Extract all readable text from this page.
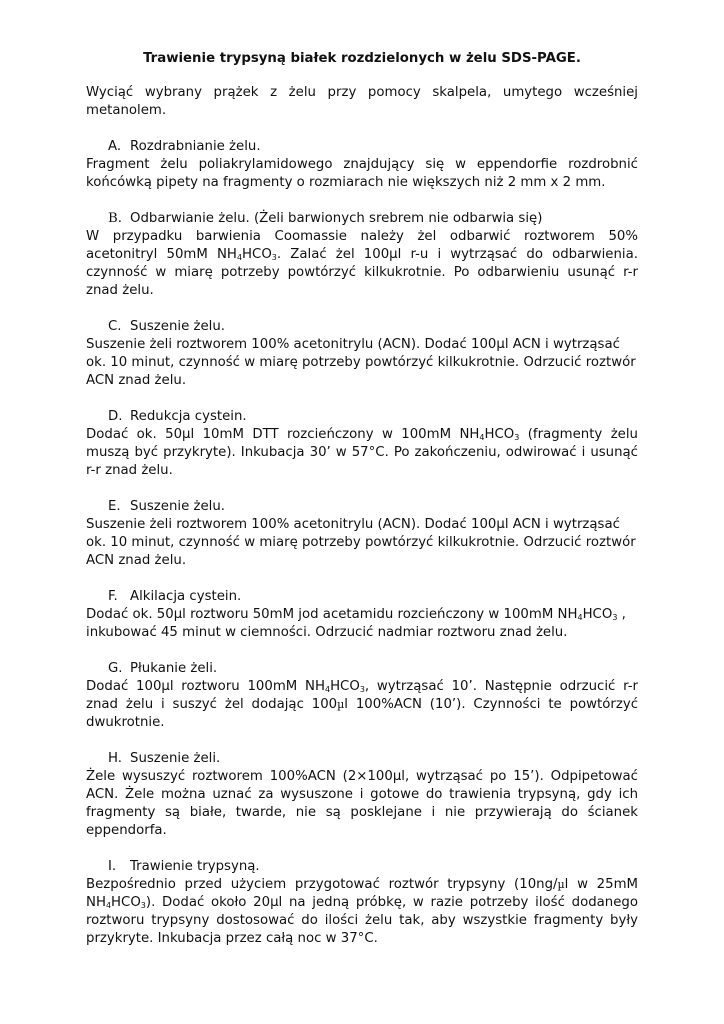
Trawienie trypsyną białek rozdzielonych w żelu SDS-PAGE.
Wyciąć wybrany prążek z żelu przy pomocy skalpela, umytego wcześniej metanolem.
A. Rozdrabnianie żelu.
Fragment żelu poliakrylamidowego znajdujący się w eppendorfie rozdrobnić końcówką pipety na fragmenty o rozmiarach nie większych niż 2 mm x 2 mm.
B. Odbarwianie żelu. (Żeli barwionych srebrem nie odbarwia się)
W przypadku barwienia Coomassie należy żel odbarwić roztworem 50% acetonitryl 50mM $NH_4HCO_3$. Zalać żel 100µl r-u i wytrząsać do odbarwienia. czynność w miarę potrzeby powtórzyć kilkukrotnie. Po odbarwieniu usunąć r-r znad żelu.
C. Suszenie żelu.
Suszenie żeli roztworem 100% acetonitrylu (ACN). Dodać 100µl ACN i wytrząsać ok. 10 minut, czynność w miarę potrzeby powtórzyć kilkukrotnie. Odrzucić roztwór ACN znad żelu.
D. Redukcja cystein.
Dodać ok. 50µl 10mM DTT rozcieńczony w 100mM $NH_4HCO_3$ (fragmenty żelu muszą być przykryte). Inkubacja 30’ w 57°C. Po zakończeniu, odwirować i usunąć r-r znad żelu.
E. Suszenie żelu.
Suszenie żeli roztworem 100% acetonitrylu (ACN). Dodać 100µl ACN i wytrząsać ok. 10 minut, czynność w miarę potrzeby powtórzyć kilkukrotnie. Odrzucić roztwór ACN znad żelu.
F. Alkilacja cystein.
Dodać ok. 50µl roztworu 50mM jod acetamidu rozcieńczony w 100mM $NH_4HCO_3$ , inkubować 45 minut w ciemności. Odrzucić nadmiar roztworu znad żelu.
G. Płukanie żeli.
Dodać 100µl roztworu 100mM $NH_4HCO_3$, wytrząsać 10’. Następnie odrzucić r-r znad żelu i suszyć żel dodając 100µl 100%ACN (10’). Czynności te powtórzyć dwukrotnie.
H. Suszenie żeli.
Żele wysuszyć roztworem 100%ACN (2×100µl, wytrząsać po 15’). Odpipetować ACN. Żele można uznać za wysuszone i gotowe do trawienia trypsyną, gdy ich fragmenty są białe, twarde, nie są posklejane i nie przywierają do ścianek eppendorfa.
I.	Trawienie trypsyną.
Bezpośrednio przed użyciem przygotować roztwór trypsyny (10ng/µl w 25mM $NH_4HCO_3$). Dodać około 20µl na jedną próbkę, w razie potrzeby ilość dodanego roztworu trypsyny dostosować do ilości żelu tak, aby wszystkie fragmenty były przykryte. Inkubacja przez całą noc w 37°C.
